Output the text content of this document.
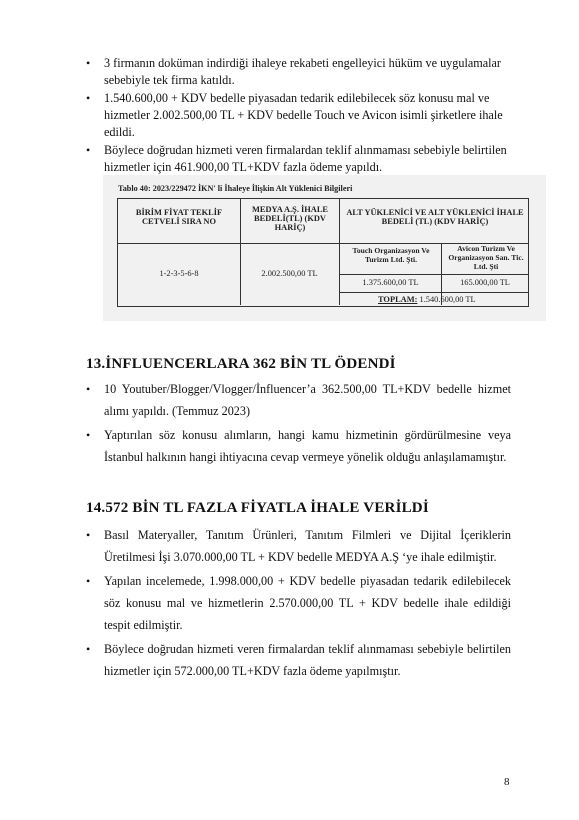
• 3 firmanın doküman indirdiği ihaleye rekabeti engelleyici hüküm ve uygulamalar sebebiyle tek firma katıldı.
• 1.540.600,00 + KDV bedelle piyasadan tedarik edilebilecek söz konusu mal ve hizmetler 2.002.500,00 TL + KDV bedelle Touch ve Avicon isimli şirketlere ihale edildi.
• Böylece doğrudan hizmeti veren firmalardan teklif alınmaması sebebiyle belirtilen hizmetler için 461.900,00 TL+KDV fazla ödeme yapıldı.
Tablo 40: 2023/229472 İKN' li İhaleye İlişkin Alt Yüklenici Bilgileri
BİRİM FİYAT TEKLİF CETVELİ SIRA NO
MEDYA A.Ş. İHALE BEDELİ(TL) (KDV HARİÇ)
ALT YÜKLENİCİ VE ALT YÜKLENİCİ İHALE BEDELİ (TL) (KDV HARİÇ)
Touch Organizasyon Ve Turizm Ltd. Şti.
Avicon Turizm Ve Organizasyon San. Tic. Ltd. Şti
1-2-3-5-6-8	2.002.500,00 TL
1.375.600,00 TL	165.000,00 TL
TOPLAM: 1.540.600,00 TL
13.İNFLUENCERLARA 362 BİN TL ÖDENDİ
• 10 Youtuber/Blogger/Vlogger/İnfluencer’a 362.500,00 TL+KDV bedelle hizmet alımı yapıldı. (Temmuz 2023)
• Yaptırılan söz konusu alımların, hangi kamu hizmetinin gördürülmesine veya İstanbul halkının hangi ihtiyacına cevap vermeye yönelik olduğu anlaşılamamıştır.
14.572 BİN TL FAZLA FİYATLA İHALE VERİLDİ
• Basıl Materyaller, Tanıtım Ürünleri, Tanıtım Filmleri ve Dijital İçeriklerin Üretilmesi İşi 3.070.000,00 TL + KDV bedelle MEDYA A.Ş ‘ye ihale edilmiştir.
• Yapılan incelemede, 1.998.000,00 + KDV bedelle piyasadan tedarik edilebilecek söz konusu mal ve hizmetlerin 2.570.000,00 TL + KDV bedelle ihale edildiği tespit edilmiştir.
• Böylece doğrudan hizmeti veren firmalardan teklif alınmaması sebebiyle belirtilen hizmetler için 572.000,00 TL+KDV fazla ödeme yapılmıştır.
8
